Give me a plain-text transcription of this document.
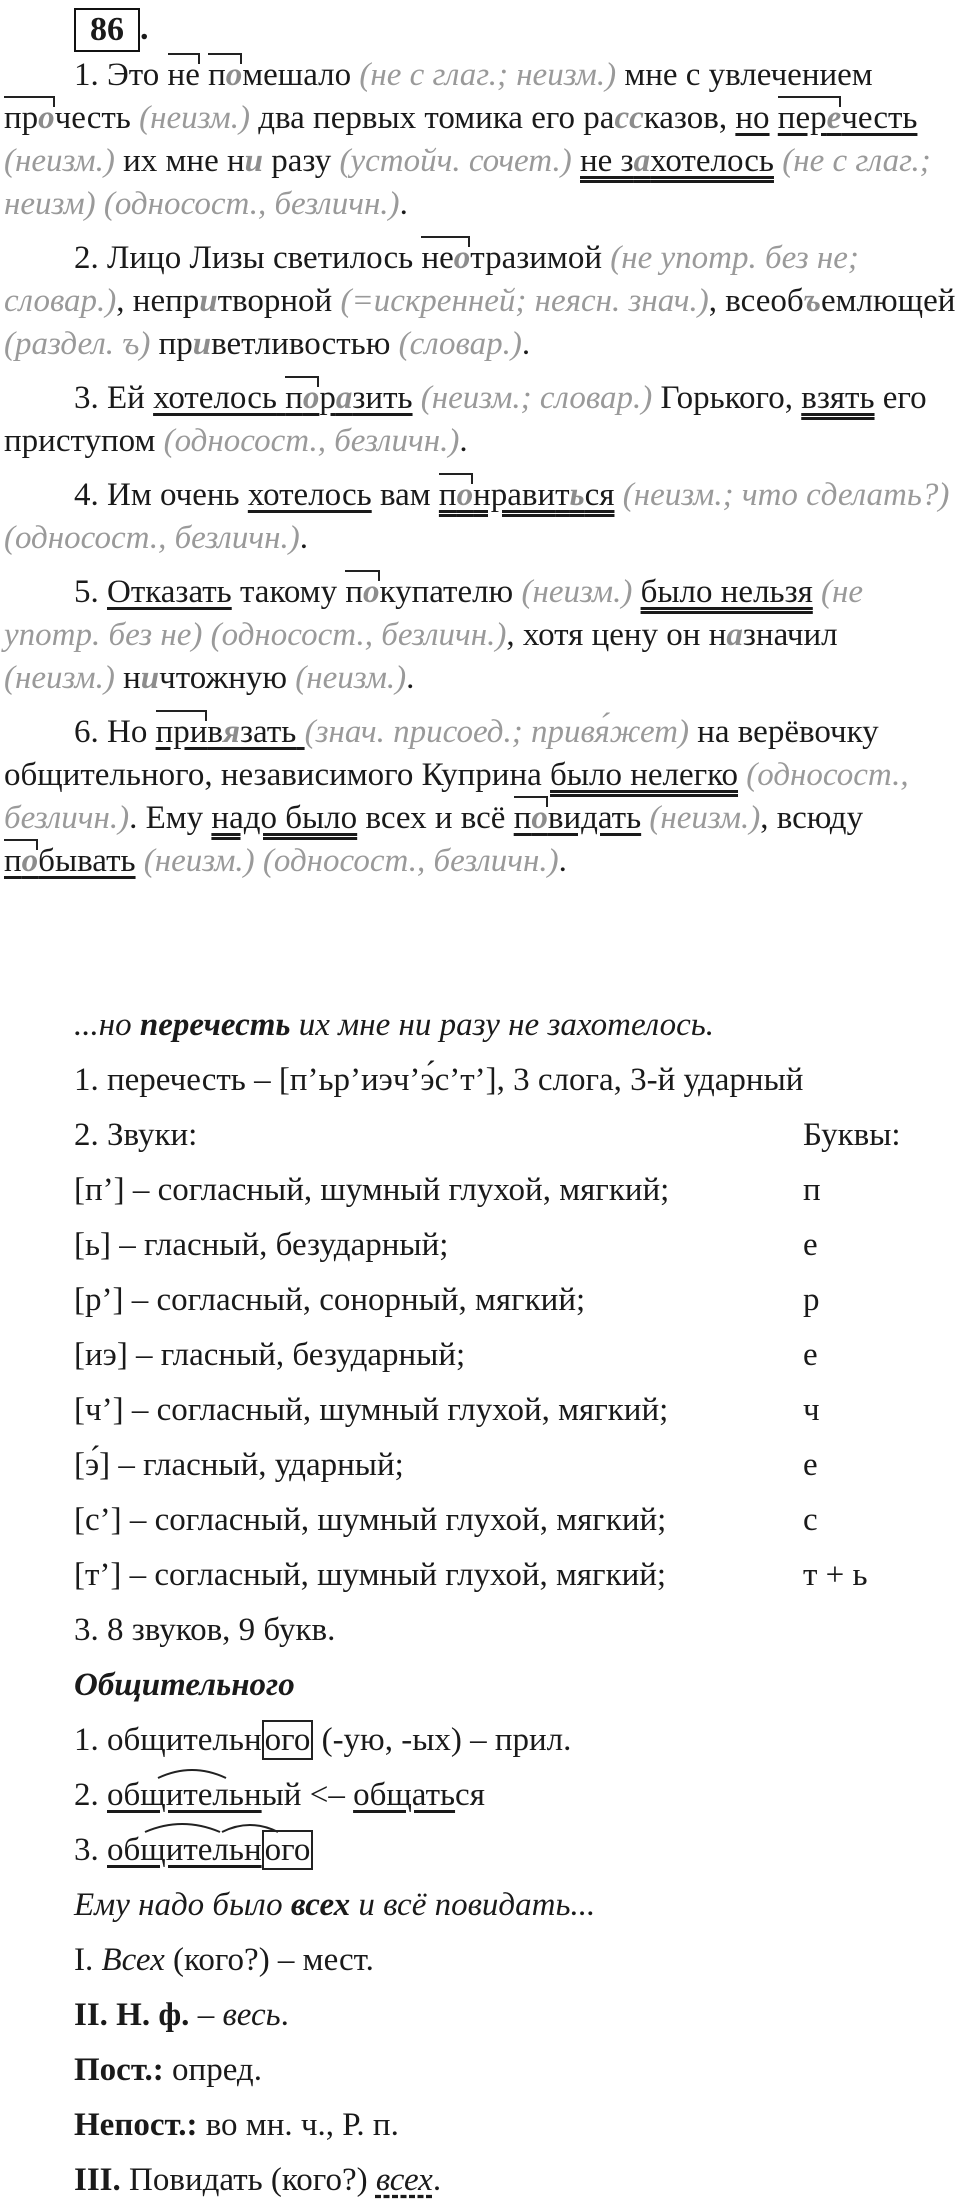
86 .

1. Это не помешало (не с глаг.; неизм.) мне с увлечением прочесть (неизм.) два первых томика его рассказов, но перечесть (неизм.) их мне ни разу (устойч. сочет.) не захотелось (не с глаг.; неизм) (односост., безличн.).

2. Лицо Лизы светилось неотразимой (не употр. без не; словар.), непритворной (=искренней; неясн. знач.), всеобъемлющей (раздел. ъ) приветливостью (словар.).

3. Ей хотелось поразить (неизм.; словар.) Горького, взять его приступом (односост., безличн.).

4. Им очень хотелось вам понравиться (неизм.; что сделать?) (односост., безличн.).

5. Отказать такому покупателю (неизм.) было нельзя (не употр. без не) (односост., безличн.), хотя цену он назначил (неизм.) ничтожную (неизм.).

6. Но привязать (знач. присоед.; привя́жет) на верёвочку общительного, независимого Куприна было нелегко (односост., безличн.). Ему надо было всех и всё повидать (неизм.), всюду побывать (неизм.) (односост., безличн.).

...но перечесть их мне ни разу не захотелось.
1. перечесть – [п’ьр’иэч’э́с’т’], 3 слога, 3-й ударный
2. Звуки:	Буквы:
[п’] – согласный, шумный глухой, мягкий;	п
[ь] – гласный, безударный;	е
[р’] – согласный, сонорный, мягкий;	р
[иэ] – гласный, безударный;	е
[ч’] – согласный, шумный глухой, мягкий;	ч
[э́] – гласный, ударный;	е
[с’] – согласный, шумный глухой, мягкий;	с
[т’] – согласный, шумный глухой, мягкий;	т + ь
3. 8 звуков, 9 букв.
Общительного
1. общительного (-ую, -ых) – прил.
2. общительный <– общаться
3. общительного
Ему надо было всех и всё повидать...
I. Всех (кого?) – мест.
II. Н. ф. – весь.
Пост.: опред.
Непост.: во мн. ч., Р. п.
III. Повидать (кого?) всех.
